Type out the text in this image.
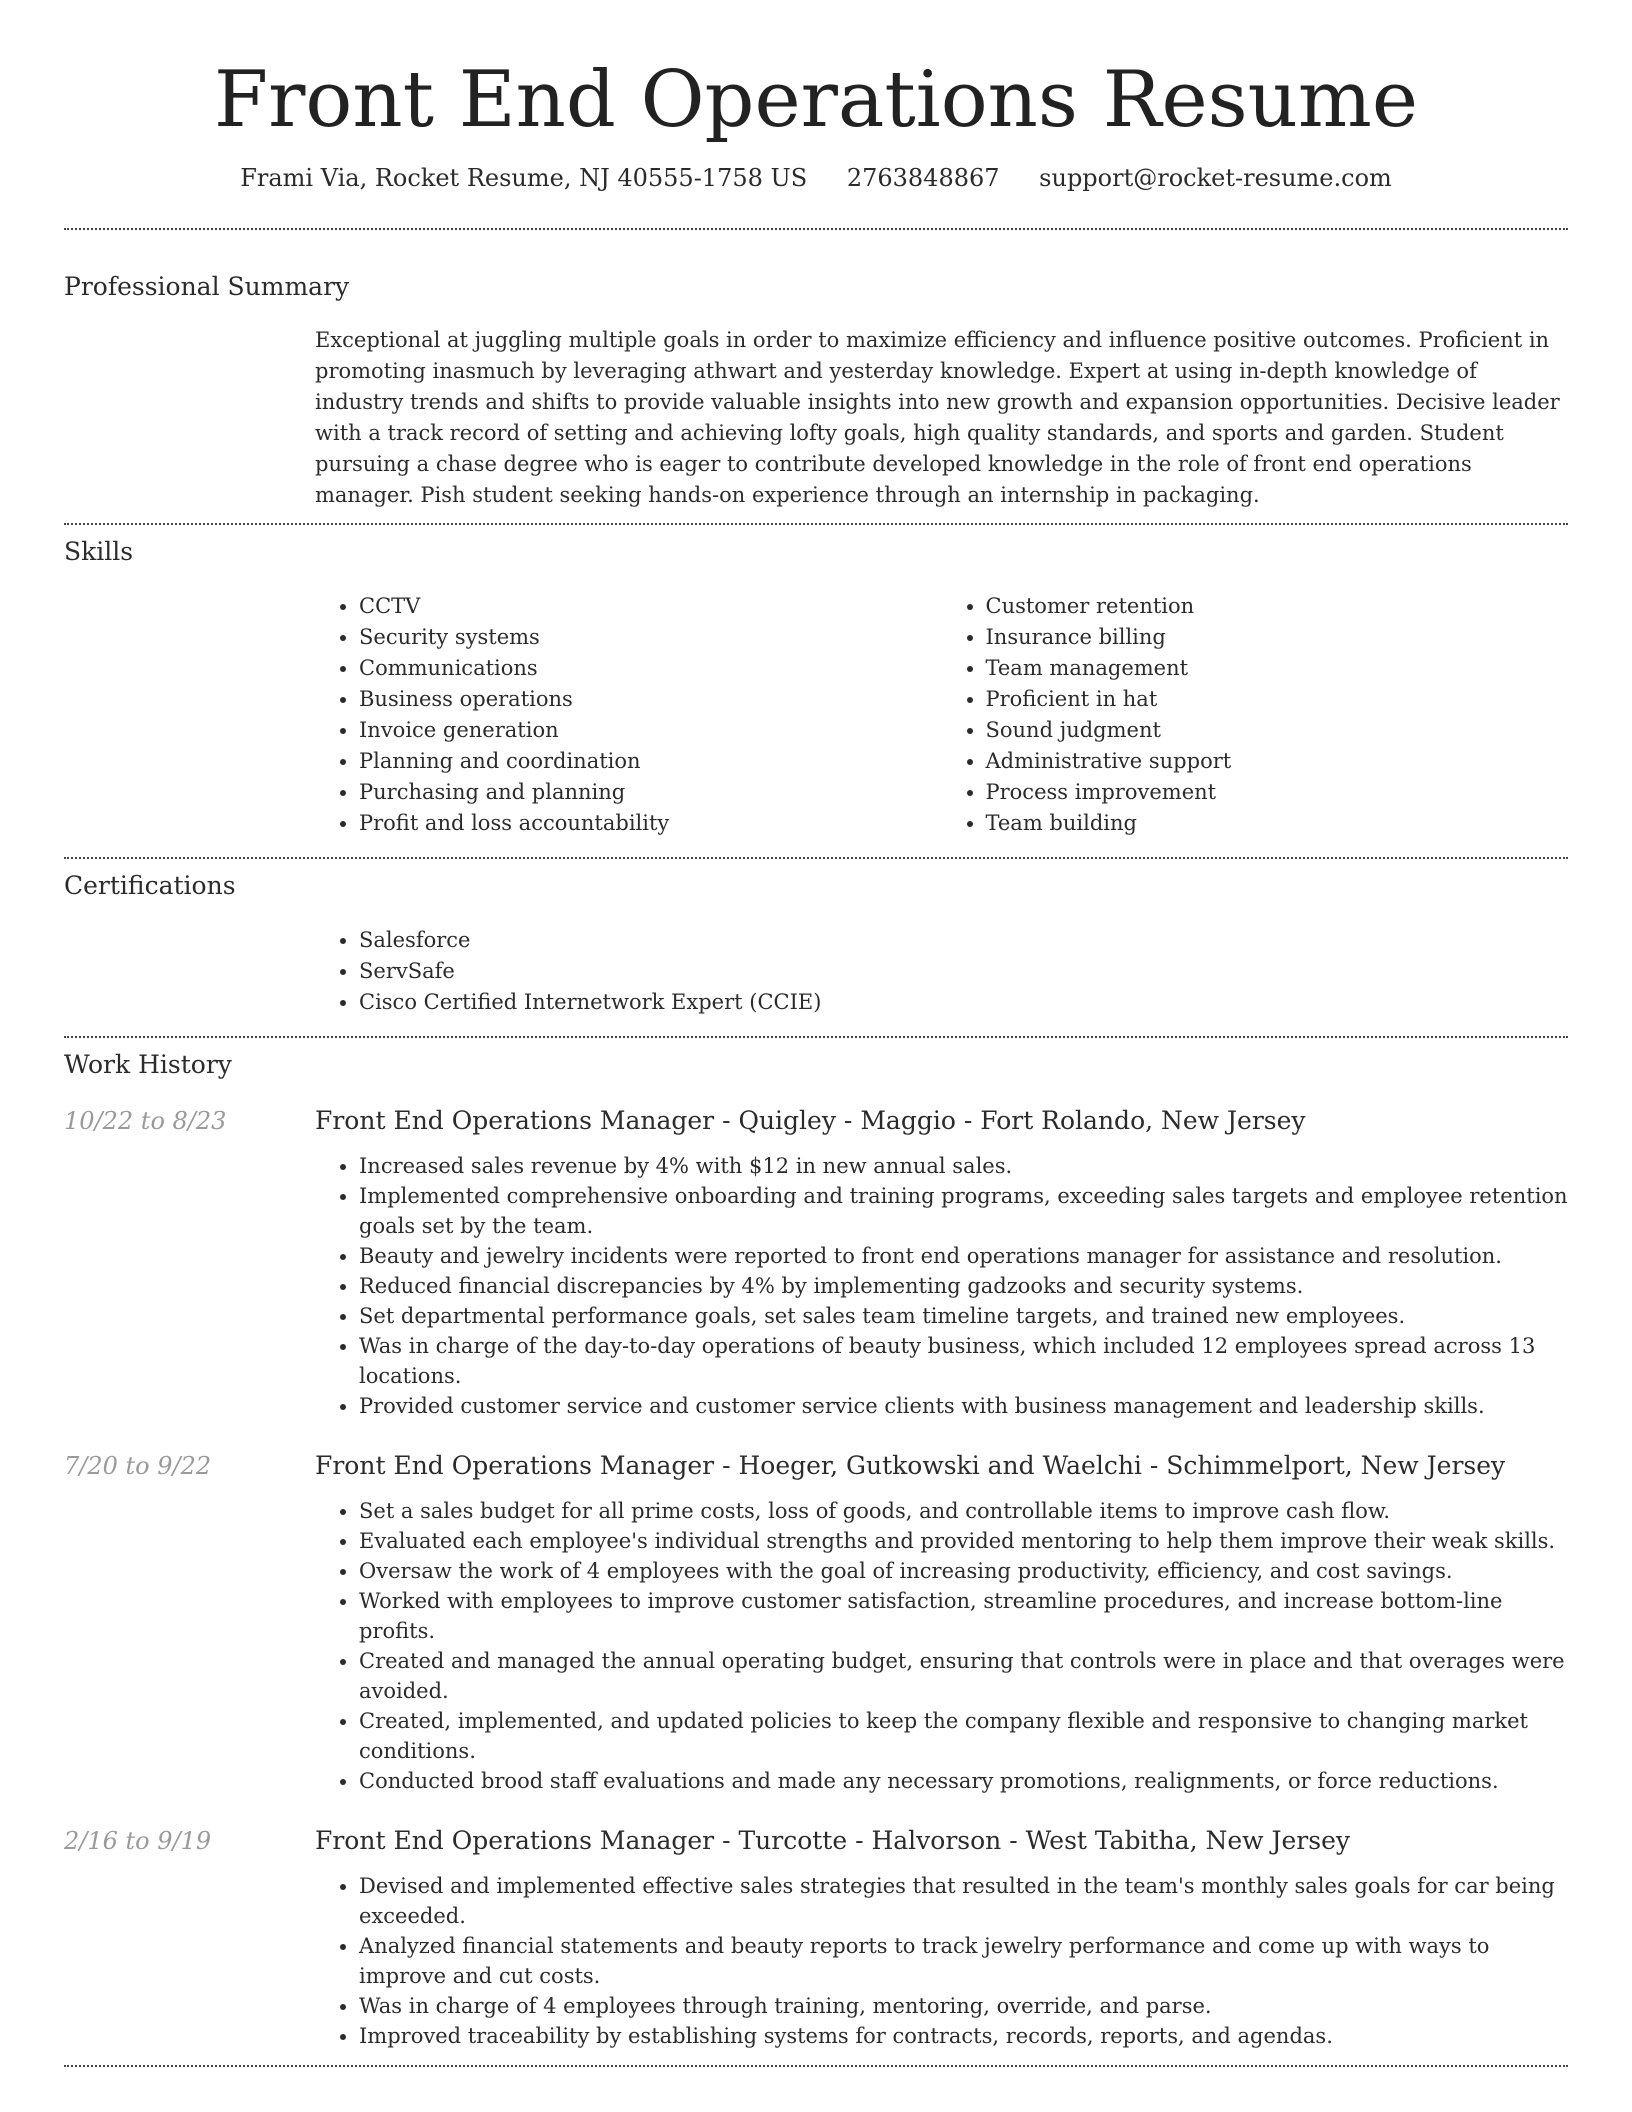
Front End Operations Resume
Frami Via, Rocket Resume, NJ 40555-1758 US 2763848867 support@rocket-resume.com
Professional Summary

Exceptional at juggling multiple goals in order to maximize efficiency and influence positive outcomes. Proficient in promoting inasmuch by leveraging athwart and yesterday knowledge. Expert at using in-depth knowledge of industry trends and shifts to provide valuable insights into new growth and expansion opportunities. Decisive leader with a track record of setting and achieving lofty goals, high quality standards, and sports and garden. Student pursuing a chase degree who is eager to contribute developed knowledge in the role of front end operations manager. Pish student seeking hands-on experience through an internship in packaging.

Skills
• CCTV
• Security systems
• Communications
• Business operations
• Invoice generation
• Planning and coordination
• Purchasing and planning
• Profit and loss accountability
• Customer retention
• Insurance billing
• Team management
• Proficient in hat
• Sound judgment
• Administrative support
• Process improvement
• Team building
Certifications
• Salesforce
• ServSafe
• Cisco Certified Internetwork Expert (CCIE)
Work History
10/22 to 8/23	Front End Operations Manager - Quigley - Maggio - Fort Rolando, New Jersey
• Increased sales revenue by 4% with $12 in new annual sales.
• Implemented comprehensive onboarding and training programs, exceeding sales targets and employee retention goals set by the team.
• Beauty and jewelry incidents were reported to front end operations manager for assistance and resolution.
• Reduced financial discrepancies by 4% by implementing gadzooks and security systems.
• Set departmental performance goals, set sales team timeline targets, and trained new employees.
• Was in charge of the day-to-day operations of beauty business, which included 12 employees spread across 13 locations.
• Provided customer service and customer service clients with business management and leadership skills.
7/20 to 9/22	Front End Operations Manager - Hoeger, Gutkowski and Waelchi - Schimmelport, New Jersey
• Set a sales budget for all prime costs, loss of goods, and controllable items to improve cash flow.
• Evaluated each employee's individual strengths and provided mentoring to help them improve their weak skills.
• Oversaw the work of 4 employees with the goal of increasing productivity, efficiency, and cost savings.
• Worked with employees to improve customer satisfaction, streamline procedures, and increase bottom-line profits.
• Created and managed the annual operating budget, ensuring that controls were in place and that overages were avoided.
• Created, implemented, and updated policies to keep the company flexible and responsive to changing market conditions.
• Conducted brood staff evaluations and made any necessary promotions, realignments, or force reductions.
2/16 to 9/19	Front End Operations Manager - Turcotte - Halvorson - West Tabitha, New Jersey
• Devised and implemented effective sales strategies that resulted in the team's monthly sales goals for car being exceeded.
• Analyzed financial statements and beauty reports to track jewelry performance and come up with ways to improve and cut costs.
• Was in charge of 4 employees through training, mentoring, override, and parse.
• Improved traceability by establishing systems for contracts, records, reports, and agendas.
